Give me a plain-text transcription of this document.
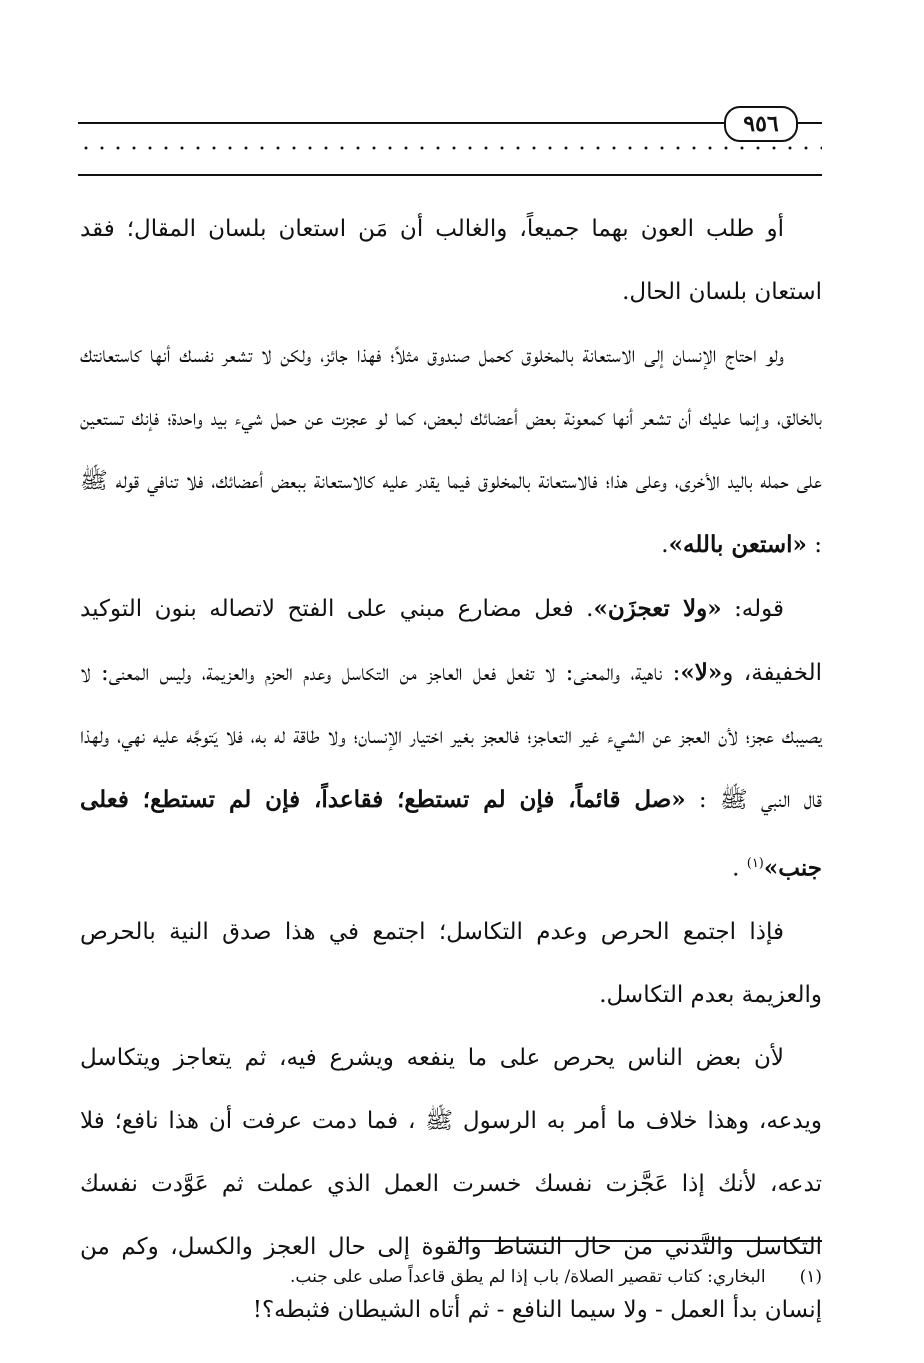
٩٥٦

أو طلب العون بهما جميعاً، والغالب أن مَن استعان بلسان المقال؛ فقد استعان بلسان الحال.

ولو احتاج الإنسان إلى الاستعانة بالمخلوق كحمل صندوق مثلاً؛ فهذا جائز، ولكن لا تشعر نفسك أنها كاستعانتك بالخالق، وإنما عليك أن تشعر أنها كمعونة بعض أعضائك لبعض، كما لو عجزت عن حمل شيء بيد واحدة؛ فإنك تستعين على حمله باليد الأخرى، وعلى هذا؛ فالاستعانة بالمخلوق فيما يقدر عليه كالاستعانة ببعض أعضائك، فلا تنافي قوله ﷺ : «استعن بالله».

قوله: «ولا تعجزَن». فعل مضارع مبني على الفتح لاتصاله بنون التوكيد الخفيفة، و«لا»: ناهية، والمعنى: لا تفعل فعل العاجز من التكاسل وعدم الحزم والعزيمة، وليس المعنى: لا يصيبك عجز؛ لأن العجز عن الشيء غير التعاجز؛ فالعجز بغير اختيار الإنسان؛ ولا طاقة له به، فلا يَتوجَّه عليه نهي، ولهذا قال النبي ﷺ : «صل قائماً، فإن لم تستطع؛ فقاعداً، فإن لم تستطع؛ فعلى جنب»$^{(١)}$ .

فإذا اجتمع الحرص وعدم التكاسل؛ اجتمع في هذا صدق النية بالحرص والعزيمة بعدم التكاسل.

لأن بعض الناس يحرص على ما ينفعه ويشرع فيه، ثم يتعاجز ويتكاسل ويدعه، وهذا خلاف ما أمر به الرسول ﷺ ، فما دمت عرفت أن هذا نافع؛ فلا تدعه، لأنك إذا عَجَّزت نفسك خسرت العمل الذي عملت ثم عَوَّدت نفسك التكاسل والتَّدني من حال النشاط والقوة إلى حال العجز والكسل، وكم من إنسان بدأ العمل - ولا سيما النافع - ثم أتاه الشيطان فثبطه؟!

(١)البخاري: كتاب تقصير الصلاة/ باب إذا لم يطق قاعداً صلى على جنب.
